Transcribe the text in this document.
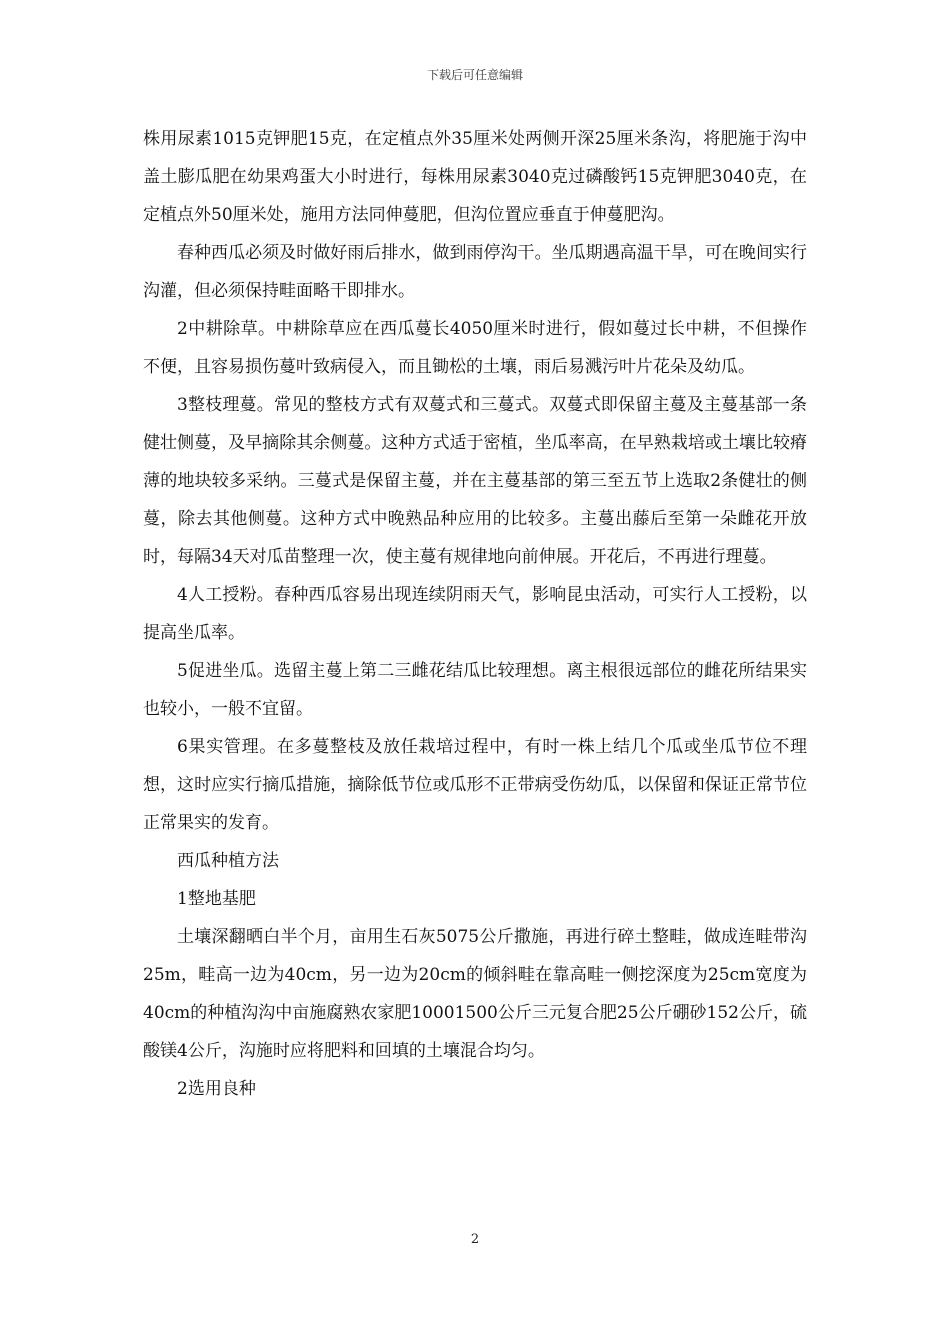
下载后可任意编辑

株用尿素1015克钾肥15克，在定植点外35厘米处两侧开深25厘米条沟，将肥施于沟中盖土膨瓜肥在幼果鸡蛋大小时进行，每株用尿素3040克过磷酸钙15克钾肥3040克，在定植点外50厘米处，施用方法同伸蔓肥，但沟位置应垂直于伸蔓肥沟。

春种西瓜必须及时做好雨后排水，做到雨停沟干。坐瓜期遇高温干旱，可在晚间实行沟灌，但必须保持畦面略干即排水。

2中耕除草。中耕除草应在西瓜蔓长4050厘米时进行，假如蔓过长中耕，不但操作不便，且容易损伤蔓叶致病侵入，而且锄松的土壤，雨后易溅污叶片花朵及幼瓜。

3整枝理蔓。常见的整枝方式有双蔓式和三蔓式。双蔓式即保留主蔓及主蔓基部一条健壮侧蔓，及早摘除其余侧蔓。这种方式适于密植，坐瓜率高，在早熟栽培或土壤比较瘠薄的地块较多采纳。三蔓式是保留主蔓，并在主蔓基部的第三至五节上选取2条健壮的侧蔓，除去其他侧蔓。这种方式中晚熟品种应用的比较多。主蔓出藤后至第一朵雌花开放时，每隔34天对瓜苗整理一次，使主蔓有规律地向前伸展。开花后，不再进行理蔓。

4人工授粉。春种西瓜容易出现连续阴雨天气，影响昆虫活动，可实行人工授粉，以提高坐瓜率。

5促进坐瓜。选留主蔓上第二三雌花结瓜比较理想。离主根很远部位的雌花所结果实也较小，一般不宜留。

6果实管理。在多蔓整枝及放任栽培过程中，有时一株上结几个瓜或坐瓜节位不理想，这时应实行摘瓜措施，摘除低节位或瓜形不正带病受伤幼瓜，以保留和保证正常节位正常果实的发育。

西瓜种植方法

1整地基肥

土壤深翻晒白半个月，亩用生石灰5075公斤撒施，再进行碎土整畦，做成连畦带沟25m，畦高一边为40cm，另一边为20cm的倾斜畦在靠高畦一侧挖深度为25cm宽度为40cm的种植沟沟中亩施腐熟农家肥10001500公斤三元复合肥25公斤硼砂152公斤，硫酸镁4公斤，沟施时应将肥料和回填的土壤混合均匀。

2选用良种

2
